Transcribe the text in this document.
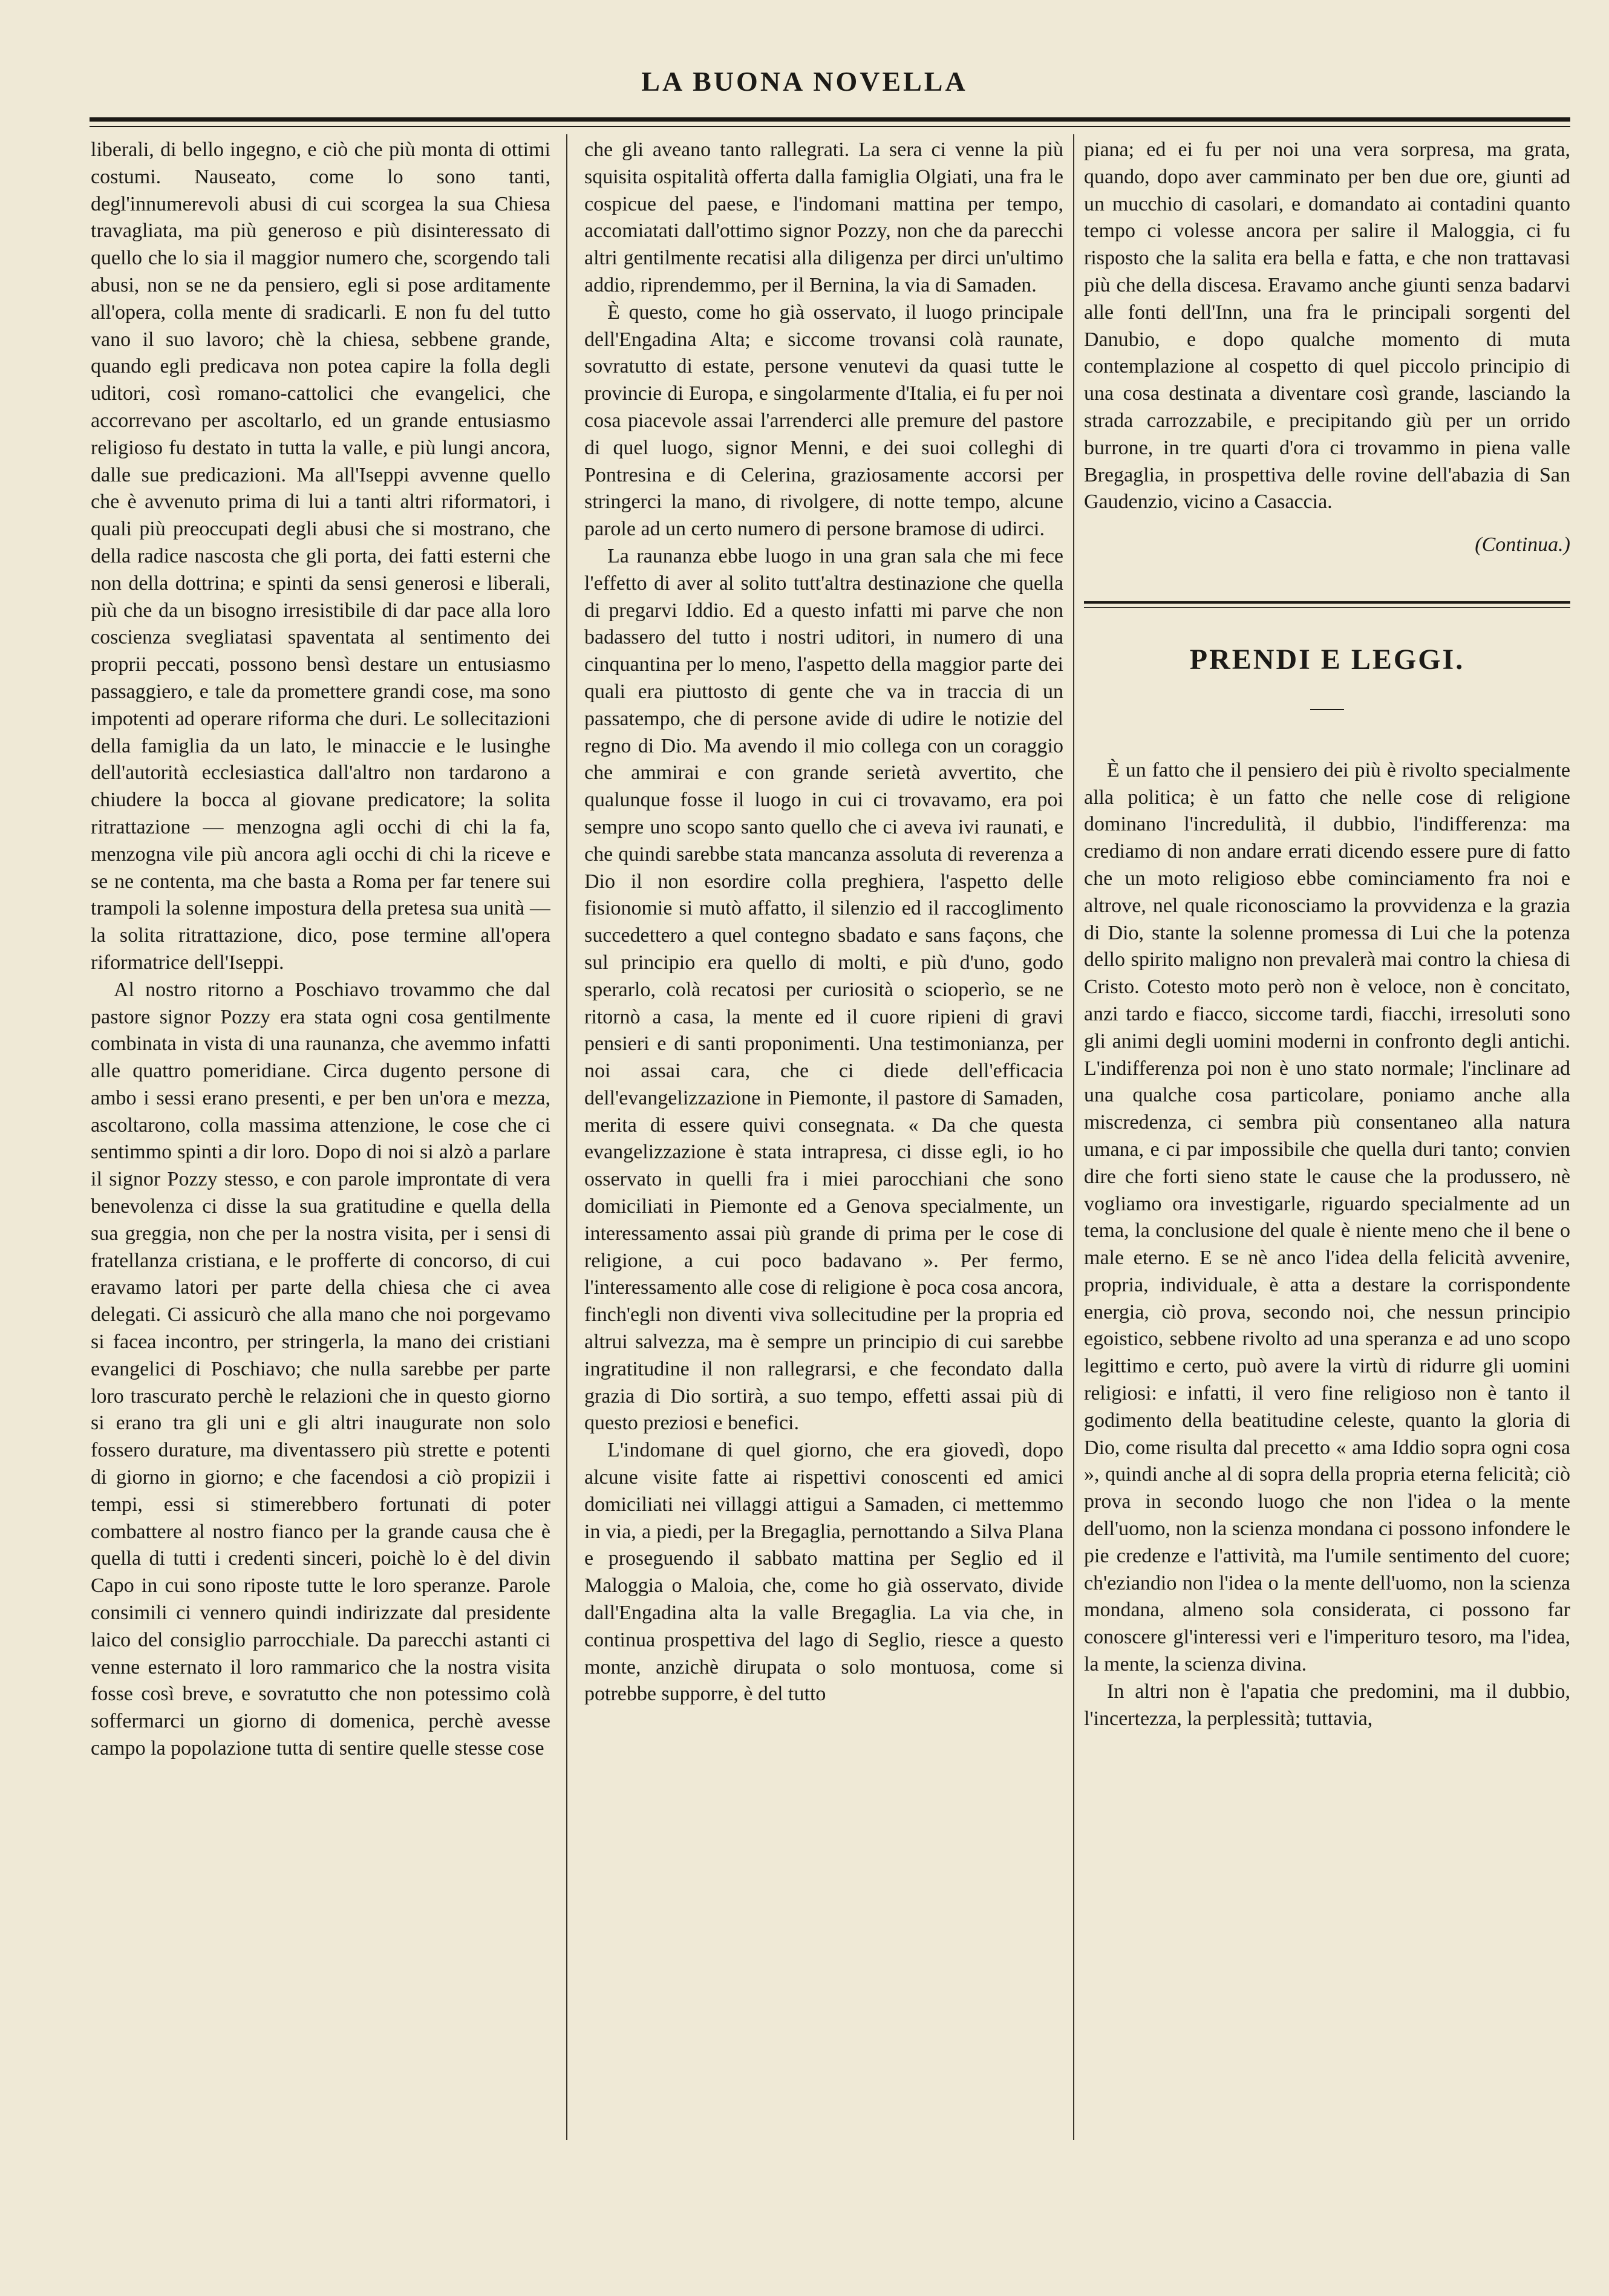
LA BUONA NOVELLA

liberali, di bello ingegno, e ciò che più monta di ottimi costumi. Nauseato, come lo sono tanti, degl'innumerevoli abusi di cui scorgea la sua Chiesa travagliata, ma più generoso e più disinteressato di quello che lo sia il maggior numero che, scorgendo tali abusi, non se ne da pensiero, egli si pose arditamente all'opera, colla mente di sradicarli. E non fu del tutto vano il suo lavoro; chè la chiesa, sebbene grande, quando egli predicava non potea capire la folla degli uditori, così romano-cattolici che evangelici, che accorrevano per ascoltarlo, ed un grande entusiasmo religioso fu destato in tutta la valle, e più lungi ancora, dalle sue predicazioni. Ma all'Iseppi avvenne quello che è avvenuto prima di lui a tanti altri riformatori, i quali più preoccupati degli abusi che si mostrano, che della radice nascosta che gli porta, dei fatti esterni che non della dottrina; e spinti da sensi generosi e liberali, più che da un bisogno irresistibile di dar pace alla loro coscienza svegliatasi spaventata al sentimento dei proprii peccati, possono bensì destare un entusiasmo passaggiero, e tale da promettere grandi cose, ma sono impotenti ad operare riforma che duri. Le sollecitazioni della famiglia da un lato, le minaccie e le lusinghe dell'autorità ecclesiastica dall'altro non tardarono a chiudere la bocca al giovane predicatore; la solita ritrattazione — menzogna agli occhi di chi la fa, menzogna vile più ancora agli occhi di chi la riceve e se ne contenta, ma che basta a Roma per far tenere sui trampoli la solenne impostura della pretesa sua unità — la solita ritrattazione, dico, pose termine all'opera riformatrice dell'Iseppi.

Al nostro ritorno a Poschiavo trovammo che dal pastore signor Pozzy era stata ogni cosa gentilmente combinata in vista di una raunanza, che avemmo infatti alle quattro pomeridiane. Circa dugento persone di ambo i sessi erano presenti, e per ben un'ora e mezza, ascoltarono, colla massima attenzione, le cose che ci sentimmo spinti a dir loro. Dopo di noi si alzò a parlare il signor Pozzy stesso, e con parole improntate di vera benevolenza ci disse la sua gratitudine e quella della sua greggia, non che per la nostra visita, per i sensi di fratellanza cristiana, e le profferte di concorso, di cui eravamo latori per parte della chiesa che ci avea delegati. Ci assicurò che alla mano che noi porgevamo si facea incontro, per stringerla, la mano dei cristiani evangelici di Poschiavo; che nulla sarebbe per parte loro trascurato perchè le relazioni che in questo giorno si erano tra gli uni e gli altri inaugurate non solo fossero durature, ma diventassero più strette e potenti di giorno in giorno; e che facendosi a ciò propizii i tempi, essi si stimerebbero fortunati di poter combattere al nostro fianco per la grande causa che è quella di tutti i credenti sinceri, poichè lo è del divin Capo in cui sono riposte tutte le loro speranze. Parole consimili ci vennero quindi indirizzate dal presidente laico del consiglio parrocchiale. Da parecchi astanti ci venne esternato il loro rammarico che la nostra visita fosse così breve, e sovratutto che non potessimo colà soffermarci un giorno di domenica, perchè avesse campo la popolazione tutta di sentire quelle stesse cose

che gli aveano tanto rallegrati. La sera ci venne la più squisita ospitalità offerta dalla famiglia Olgiati, una fra le cospicue del paese, e l'indomani mattina per tempo, accomiatati dall'ottimo signor Pozzy, non che da parecchi altri gentilmente recatisi alla diligenza per dirci un'ultimo addio, riprendemmo, per il Bernina, la via di Samaden.

È questo, come ho già osservato, il luogo principale dell'Engadina Alta; e siccome trovansi colà raunate, sovratutto di estate, persone venutevi da quasi tutte le provincie di Europa, e singolarmente d'Italia, ei fu per noi cosa piacevole assai l'arrenderci alle premure del pastore di quel luogo, signor Menni, e dei suoi colleghi di Pontresina e di Celerina, graziosamente accorsi per stringerci la mano, di rivolgere, di notte tempo, alcune parole ad un certo numero di persone bramose di udirci.

La raunanza ebbe luogo in una gran sala che mi fece l'effetto di aver al solito tutt'altra destinazione che quella di pregarvi Iddio. Ed a questo infatti mi parve che non badassero del tutto i nostri uditori, in numero di una cinquantina per lo meno, l'aspetto della maggior parte dei quali era piuttosto di gente che va in traccia di un passatempo, che di persone avide di udire le notizie del regno di Dio. Ma avendo il mio collega con un coraggio che ammirai e con grande serietà avvertito, che qualunque fosse il luogo in cui ci trovavamo, era poi sempre uno scopo santo quello che ci aveva ivi raunati, e che quindi sarebbe stata mancanza assoluta di reverenza a Dio il non esordire colla preghiera, l'aspetto delle fisionomie si mutò affatto, il silenzio ed il raccoglimento succedettero a quel contegno sbadato e sans façons, che sul principio era quello di molti, e più d'uno, godo sperarlo, colà recatosi per curiosità o scioperìo, se ne ritornò a casa, la mente ed il cuore ripieni di gravi pensieri e di santi proponimenti. Una testimonianza, per noi assai cara, che ci diede dell'efficacia dell'evangelizzazione in Piemonte, il pastore di Samaden, merita di essere quivi consegnata. « Da che questa evangelizzazione è stata intrapresa, ci disse egli, io ho osservato in quelli fra i miei parocchiani che sono domiciliati in Piemonte ed a Genova specialmente, un interessamento assai più grande di prima per le cose di religione, a cui poco badavano ». Per fermo, l'interessamento alle cose di religione è poca cosa ancora, finch'egli non diventi viva sollecitudine per la propria ed altrui salvezza, ma è sempre un principio di cui sarebbe ingratitudine il non rallegrarsi, e che fecondato dalla grazia di Dio sortirà, a suo tempo, effetti assai più di questo preziosi e benefici.

L'indomane di quel giorno, che era giovedì, dopo alcune visite fatte ai rispettivi conoscenti ed amici domiciliati nei villaggi attigui a Samaden, ci mettemmo in via, a piedi, per la Bregaglia, pernottando a Silva Plana e proseguendo il sabbato mattina per Seglio ed il Maloggia o Maloia, che, come ho già osservato, divide dall'Engadina alta la valle Bregaglia. La via che, in continua prospettiva del lago di Seglio, riesce a questo monte, anzichè dirupata o solo montuosa, come si potrebbe supporre, è del tutto

piana; ed ei fu per noi una vera sorpresa, ma grata, quando, dopo aver camminato per ben due ore, giunti ad un mucchio di casolari, e domandato ai contadini quanto tempo ci volesse ancora per salire il Maloggia, ci fu risposto che la salita era bella e fatta, e che non trattavasi più che della discesa. Eravamo anche giunti senza badarvi alle fonti dell'Inn, una fra le principali sorgenti del Danubio, e dopo qualche momento di muta contemplazione al cospetto di quel piccolo principio di una cosa destinata a diventare così grande, lasciando la strada carrozzabile, e precipitando giù per un orrido burrone, in tre quarti d'ora ci trovammo in piena valle Bregaglia, in prospettiva delle rovine dell'abazia di San Gaudenzio, vicino a Casaccia.

(Continua.)

PRENDI E LEGGI.

È un fatto che il pensiero dei più è rivolto specialmente alla politica; è un fatto che nelle cose di religione dominano l'incredulità, il dubbio, l'indifferenza: ma crediamo di non andare errati dicendo essere pure di fatto che un moto religioso ebbe cominciamento fra noi e altrove, nel quale riconosciamo la provvidenza e la grazia di Dio, stante la solenne promessa di Lui che la potenza dello spirito maligno non prevalerà mai contro la chiesa di Cristo. Cotesto moto però non è veloce, non è concitato, anzi tardo e fiacco, siccome tardi, fiacchi, irresoluti sono gli animi degli uomini moderni in confronto degli antichi. L'indifferenza poi non è uno stato normale; l'inclinare ad una qualche cosa particolare, poniamo anche alla miscredenza, ci sembra più consentaneo alla natura umana, e ci par impossibile che quella duri tanto; convien dire che forti sieno state le cause che la produssero, nè vogliamo ora investigarle, riguardo specialmente ad un tema, la conclusione del quale è niente meno che il bene o male eterno. E se nè anco l'idea della felicità avvenire, propria, individuale, è atta a destare la corrispondente energia, ciò prova, secondo noi, che nessun principio egoistico, sebbene rivolto ad una speranza e ad uno scopo legittimo e certo, può avere la virtù di ridurre gli uomini religiosi: e infatti, il vero fine religioso non è tanto il godimento della beatitudine celeste, quanto la gloria di Dio, come risulta dal precetto « ama Iddio sopra ogni cosa », quindi anche al di sopra della propria eterna felicità; ciò prova in secondo luogo che non l'idea o la mente dell'uomo, non la scienza mondana ci possono infondere le pie credenze e l'attività, ma l'umile sentimento del cuore; ch'eziandio non l'idea o la mente dell'uomo, non la scienza mondana, almeno sola considerata, ci possono far conoscere gl'interessi veri e l'imperituro tesoro, ma l'idea, la mente, la scienza divina.

In altri non è l'apatia che predomini, ma il dubbio, l'incertezza, la perplessità; tuttavia,
